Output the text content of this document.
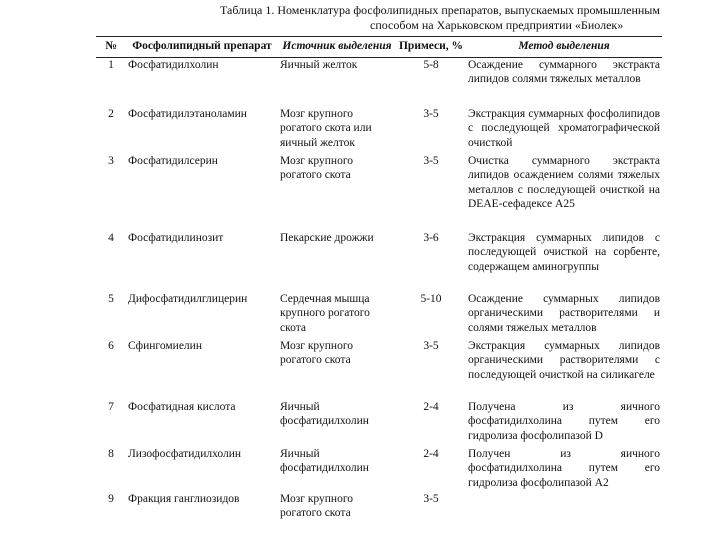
Таблица 1. Номенклатура фосфолипидных препаратов, выпускаемых промышленным
способом на Харьковском предприятии «Биолек»
№	Фосфолипидный препарат	Источник выделения	Примеси, %	Метод выделения
1	Фосфатидилхолин	Яичный желток	5-8	Осаждение суммарного экстракта липидов солями тяжелых металлов
2	Фосфатидилэтаноламин	Мозг крупного рогатого скота или яичный желток	3-5	Экстракция суммарных фосфолипидов с последующей хроматографической очисткой
3	Фосфатидилсерин	Мозг крупного рогатого скота	3-5	Очистка суммарного экстракта липидов осаждением солями тяжелых металлов с последующей очисткой на DEAE-сефадексе A25
4	Фосфатидилинозит	Пекарские дрожжи	3-6	Экстракция суммарных липидов с последующей очисткой на сорбенте, содержащем аминогруппы
5	Дифосфатидилглицерин	Сердечная мышца крупного рогатого скота	5-10	Осаждение суммарных липидов органическими растворителями и солями тяжелых металлов
6	Сфингомиелин	Мозг крупного рогатого скота	3-5	Экстракция суммарных липидов органическими растворителями с последующей очисткой на силикагеле
7	Фосфатидная кислота	Яичный фосфатидилхолин	2-4	Получена из яичного фосфатидилхолина путем его гидролиза фосфолипазой D
8	Лизофосфатидилхолин	Яичный фосфатидилхолин	2-4	Получен из яичного фосфатидилхолина путем его гидролиза фосфолипазой A2
9	Фракция ганглиозидов	Мозг крупного рогатого скота	3-5	
